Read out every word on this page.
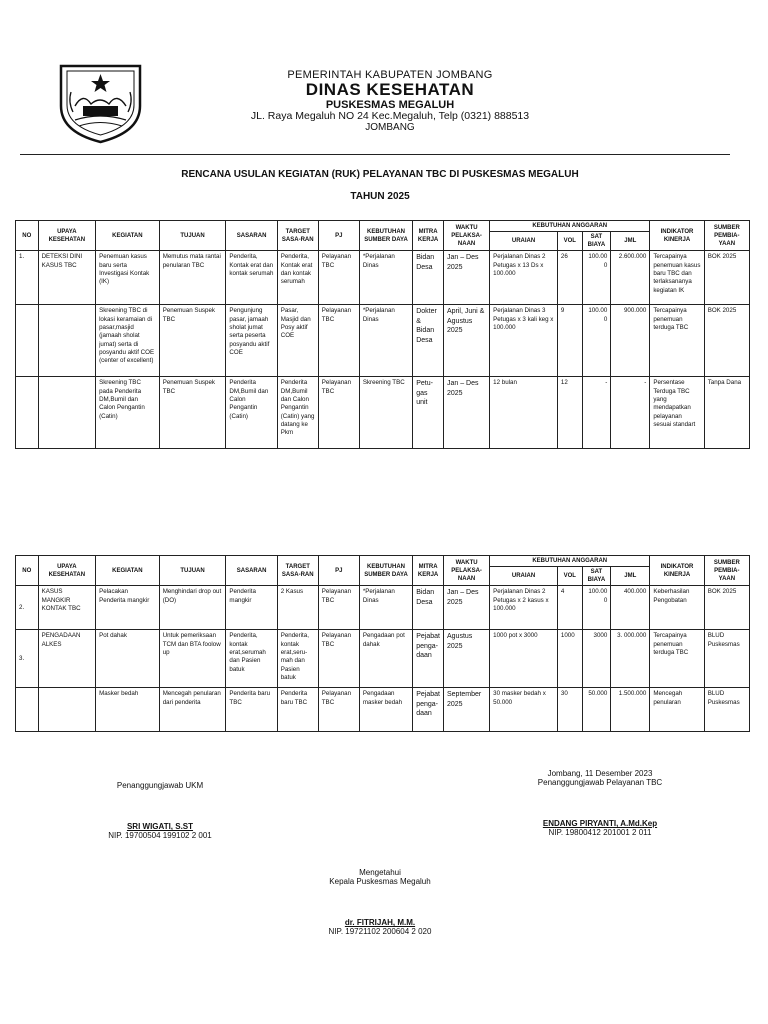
PEMERINTAH KABUPATEN JOMBANG
DINAS KESEHATAN
PUSKESMAS MEGALUH
JL. Raya Megaluh NO 24 Kec.Megaluh, Telp (0321) 888513
JOMBANG
RENCANA USULAN KEGIATAN (RUK) PELAYANAN TBC DI PUSKESMAS MEGALUH
TAHUN 2025
NO	UPAYA KESEHATAN	KEGIATAN	TUJUAN	SASARAN	TARGET SASA-RAN	PJ	KEBUTUHAN SUMBER DAYA	MITRA KERJA	WAKTU PELAKSA-NAAN	KEBUTUHAN ANGGARAN				INDIKATOR KINERJA	SUMBER PEMBIA-YAAN
										URAIAN	VOL	SAT BIAYA	JML		
1.	DETEKSI DINI KASUS TBC	Penemuan kasus baru serta Investigasi Kontak (IK)	Memutus mata rantai penularan TBC	Penderita, Kontak erat dan kontak serumah	Penderita, Kontak erat dan kontak serumah	Pelayanan TBC	*Perjalanan Dinas	Bidan Desa	Jan – Des 2025	Perjalanan Dinas 2 Petugas x 13 Ds x 100.000	26	100.00 0	2.600.000	Tercapainya penemuan kasus baru TBC dan terlaksananya kegiatan IK	BOK 2025
		Skreening TBC di lokasi keramaian di pasar,masjid (jamaah sholat jumat) serta di posyandu aktif COE (center of excellent)	Penemuan Suspek TBC	Pengunjung pasar, jamaah sholat jumat serta peserta posyandu aktif COE	Pasar, Masjid dan Posy aktif COE	Pelayanan TBC	*Perjalanan Dinas	Dokter & Bidan Desa	April, Juni & Agustus 2025	Perjalanan Dinas 3 Petugas x 3 kali keg x 100.000	9	100.000	900.000	Tercapainya penemuan terduga TBC	BOK 2025
		Skreening TBC pada Penderita DM,Bumil dan Calon Pengantin (Catin)	Penemuan Suspek TBC	Penderita DM,Bumil dan Calon Pengantin (Catin)	Penderita DM,Bumil dan Calon Pengantin (Catin) yang datang ke Pkm	Pelayanan TBC	Skreening TBC	Petu-gas unit	Jan – Des 2025	12 bulan	12	-	-	Persentase Terduga TBC yang mendapatkan pelayanan sesuai standart	Tanpa Dana
NO	UPAYA KESEHATAN	KEGIATAN	TUJUAN	SASARAN	TARGET SASA-RAN	PJ	KEBUTUHAN SUMBER DAYA	MITRA KERJA	WAKTU PELAKSA-NAAN	KEBUTUHAN ANGGARAN				INDIKATOR KINERJA	SUMBER PEMBIA-YAAN
										URAIAN	VOL	SAT BIAYA	JML		
2.	KASUS MANGKIR KONTAK TBC	Pelacakan Penderita mangkir	Menghindari drop out (DO)	Penderita mangkir	2 Kasus	Pelayanan TBC	*Perjalanan Dinas	Bidan Desa	Jan – Des 2025	Perjalanan Dinas 2 Petugas x 2 kasus x 100.000	4	100.000	400.000	Keberhasilan Pengobatan	BOK 2025
3.	PENGADAAN ALKES	Pot dahak	Untuk pemeriksaan TCM dan BTA foolow up	Penderita, kontak erat,serumah dan Pasien batuk	Penderita, kontak erat,seru-mah dan Pasien batuk	Pelayanan TBC	Pengadaan pot dahak	Pejabat penga-daan	Agustus 2025	1000 pot x 3000	1000	3000	3. 000.000	Tercapainya penemuan terduga TBC	BLUD Puskesmas
		Masker bedah	Mencegah penularan dari penderita	Penderita baru TBC	Penderita baru TBC	Pelayanan TBC	Pengadaan masker bedah	Pejabat penga-daan	September 2025	30 masker bedah x 50.000	30	50.000	1.500.000	Mencegah penularan	BLUD Puskesmas
Penanggungjawab UKM
SRI WIGATI, S.ST
NIP. 19700504 199102 2 001
Jombang, 11 Desember 2023
Penanggungjawab Pelayanan TBC
ENDANG PIRYANTI, A.Md.Kep
NIP. 19800412 201001 2 011
Mengetahui
Kepala Puskesmas Megaluh
dr. FITRIJAH, M.M.
NIP. 19721102 200604 2 020
